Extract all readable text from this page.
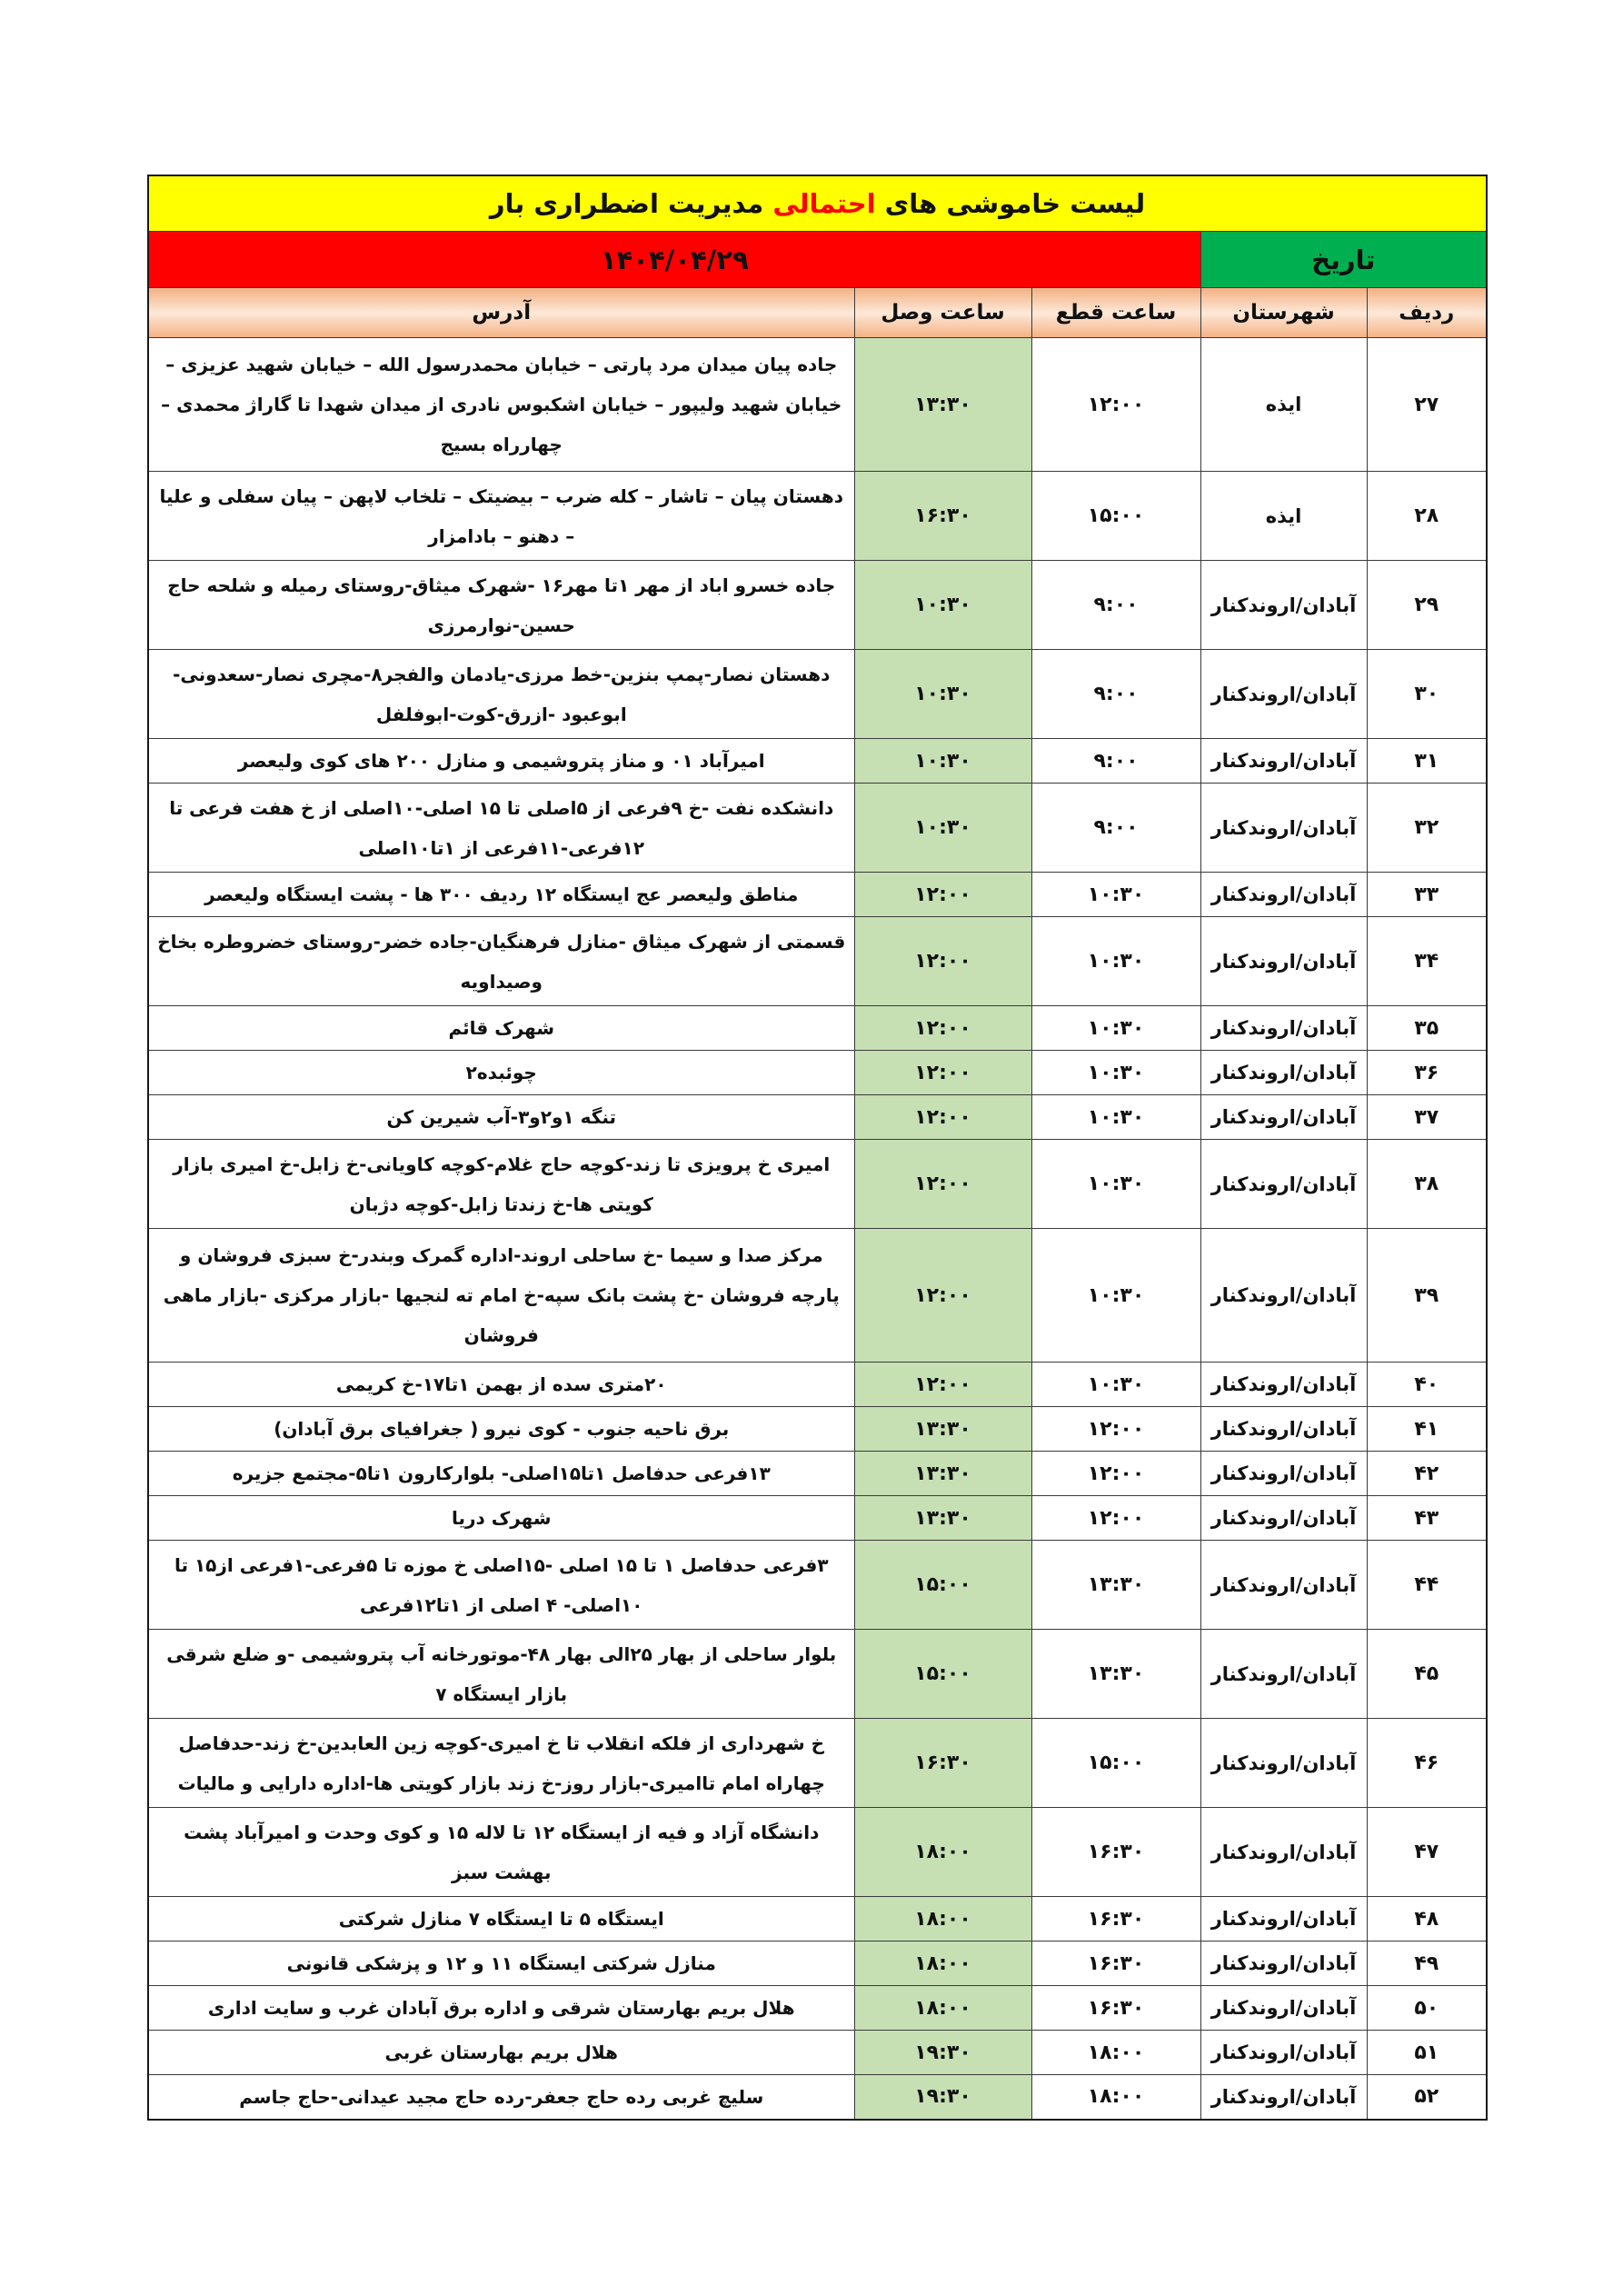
لیست خاموشی های احتمالی مدیریت اضطراری بار				
تاریخ		۱۴۰۴/۰۴/۲۹		
ردیف	شهرستان	ساعت قطع	ساعت وصل	آدرس
۲۷	ایذه	۱۲:۰۰	۱۳:۳۰	جاده پیان میدان مرد پارتی – خیابان محمدرسول الله – خیابان شهید عزیزی – خیابان شهید ولیپور – خیابان اشکبوس نادری از میدان شهدا تا گاراژ محمدی – چهارراه بسیج
۲۸	ایذه	۱۵:۰۰	۱۶:۳۰	دهستان پیان – تاشار – کله ضرب – بیضیتک – تلخاب لاپهن – پیان سفلی و علیا – دهنو – بادامزار
۲۹	آبادان/اروندکنار	۹:۰۰	۱۰:۳۰	جاده خسرو اباد از مهر ۱تا مهر۱۶ -شهرک میثاق-روستای رمیله و شلحه حاج حسین-نوارمرزی
۳۰	آبادان/اروندکنار	۹:۰۰	۱۰:۳۰	دهستان نصار-پمپ بنزین-خط مرزی-یادمان والفجر۸-مچری نصار-سعدونی-ابوعبود -ازرق-کوت-ابوفلفل
۳۱	آبادان/اروندکنار	۹:۰۰	۱۰:۳۰	امیرآباد ۰۱ و مناز پتروشیمی و منازل ۲۰۰ های کوی ولیعصر
۳۲	آبادان/اروندکنار	۹:۰۰	۱۰:۳۰	دانشکده نفت -خ ۹فرعی از ۵اصلی تا ۱۵ اصلی-۱۰اصلی از خ هفت فرعی تا ۱۲فرعی-۱۱فرعی از ۱تا۱۰اصلی
۳۳	آبادان/اروندکنار	۱۰:۳۰	۱۲:۰۰	مناطق ولیعصر عج ایستگاه ۱۲ ردیف ۳۰۰ ها - پشت ایستگاه ولیعصر
۳۴	آبادان/اروندکنار	۱۰:۳۰	۱۲:۰۰	قسمتی از شهرک میثاق -منازل فرهنگیان-جاده خضر-روستای خضروطره بخاخ وصیداویه
۳۵	آبادان/اروندکنار	۱۰:۳۰	۱۲:۰۰	شهرک قائم
۳۶	آبادان/اروندکنار	۱۰:۳۰	۱۲:۰۰	چوئبده۲
۳۷	آبادان/اروندکنار	۱۰:۳۰	۱۲:۰۰	تنگه ۱و۲و۳-آب شیرین کن
۳۸	آبادان/اروندکنار	۱۰:۳۰	۱۲:۰۰	امیری خ پرویزی تا زند-کوچه حاج غلام-کوچه کاویانی-خ زابل-خ امیری بازار کویتی ها-خ زندتا زابل-کوچه دژبان
۳۹	آبادان/اروندکنار	۱۰:۳۰	۱۲:۰۰	مرکز صدا و سیما -خ ساحلی اروند-اداره گمرک وبندر-خ سبزی فروشان و پارچه فروشان -خ پشت بانک سپه-خ امام ته لنجیها -بازار مرکزی -بازار ماهی فروشان
۴۰	آبادان/اروندکنار	۱۰:۳۰	۱۲:۰۰	۲۰متری سده از بهمن ۱تا۱۷-خ کریمی
۴۱	آبادان/اروندکنار	۱۲:۰۰	۱۳:۳۰	برق ناحیه جنوب - کوی نیرو ( جغرافیای برق آبادان)
۴۲	آبادان/اروندکنار	۱۲:۰۰	۱۳:۳۰	۱۳فرعی حدفاصل ۱تا۱۵اصلی- بلوارکارون ۱تا۵-مجتمع جزیره
۴۳	آبادان/اروندکنار	۱۲:۰۰	۱۳:۳۰	شهرک دریا
۴۴	آبادان/اروندکنار	۱۳:۳۰	۱۵:۰۰	۳فرعی حدفاصل ۱ تا ۱۵ اصلی -۱۵اصلی خ موزه تا ۵فرعی-۱فرعی از۱۵ تا ۱۰اصلی- ۴ اصلی از ۱تا۱۲فرعی
۴۵	آبادان/اروندکنار	۱۳:۳۰	۱۵:۰۰	بلوار ساحلی از بهار ۲۵الی بهار ۴۸-موتورخانه آب پتروشیمی -و ضلع شرقی بازار ایستگاه ۷
۴۶	آبادان/اروندکنار	۱۵:۰۰	۱۶:۳۰	خ شهرداری از فلکه انقلاب تا خ امیری-کوچه زین العابدین-خ زند-حدفاصل چهاراه امام تاامیری-بازار روز-خ زند بازار کویتی ها-اداره دارایی و مالیات
۴۷	آبادان/اروندکنار	۱۶:۳۰	۱۸:۰۰	دانشگاه آزاد و فیه از ایستگاه ۱۲ تا لاله ۱۵ و کوی وحدت و امیرآباد پشت بهشت سبز
۴۸	آبادان/اروندکنار	۱۶:۳۰	۱۸:۰۰	ایستگاه ۵ تا ایستگاه ۷ منازل شرکتی
۴۹	آبادان/اروندکنار	۱۶:۳۰	۱۸:۰۰	منازل شرکتی ایستگاه ۱۱ و ۱۲ و پزشکی قانونی
۵۰	آبادان/اروندکنار	۱۶:۳۰	۱۸:۰۰	هلال بریم بهارستان شرقی و اداره برق آبادان غرب و سایت اداری
۵۱	آبادان/اروندکنار	۱۸:۰۰	۱۹:۳۰	هلال بریم بهارستان غربی
۵۲	آبادان/اروندکنار	۱۸:۰۰	۱۹:۳۰	سلیچ غربی رده حاج جعفر-رده حاج مجید عیدانی-حاج جاسم
